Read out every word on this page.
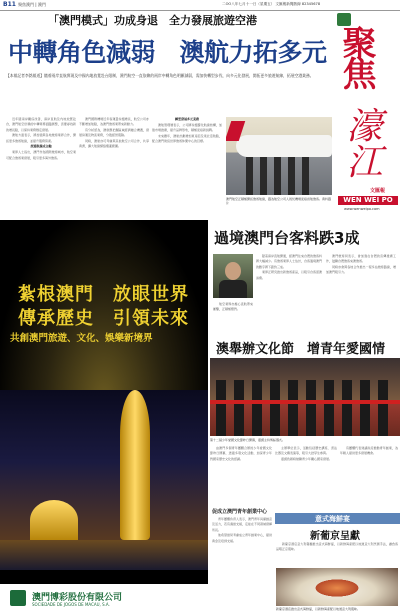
B11 聚焦澳門 | 澳門	二OO八年七月十一日（星期五） 文匯報新聞熱線 82345678
聚焦
濠江
文匯報
WEN WEI PO
www.wenweipo.com
「澳門模式」功成身退　全力發展旅遊空港
中轉角色減弱　澳航力拓多元
【本報記者李銘報道】隨着兩岸直航實現及中國內地放寬赴台限制，澳門航空一直依賴的兩岸中轉角色明顯減弱，需加快轉型步伐，向多元化發展，開拓更多旅遊航線，拓展空港業務。

近年隨兩岸關係改善，兩岸直航及內地放寬赴台，澳門航空依賴的中轉業務面臨調整，需要尋找新的增長點，以保持業務穩定發展。

澳航方面表示，將加強與各地旅遊業界合作，開拓更多旅遊航線，並提升服務質素。

旅遊航線成主軸

業界人士指出，澳門作為國際旅遊城市，航空業可配合旅遊業發展，吸引更多海外旅客。

澳門國際機場近年客運量持續增長，航空公司亦不斷增加航點，為澳門旅遊業帶來新動力。

有分析認為，澳航應把握區域經濟融合機遇，發展貨運及物流業務，分散經營風險。

同時，澳航亦可考慮與其他航空公司合作，共享資源，擴大航線網絡覆蓋範圍。

轉型發展多元業務

澳航管理層表示，公司將持續優化航線結構，加強市場推廣，提升品牌形象，積極迎接新挑戰。

未來數年，澳航計劃增加東南亞及東北亞航點，配合澳門建設世界旅遊休閒中心的目標。

澳門航空正積極開拓旅遊航線，圖為航空公司人員於機場迎接首航旅客。資料圖片
紮根澳門　放眼世界
傳承歷史　引領未來
共創澳門旅遊、文化、娛樂新境界
澳門博彩股份有限公司
SOCIEDADE DE JOGOS DE MACAU, S.A.
過境澳門台客料跌3成

隨着兩岸直航開通，經澳門往來台灣的旅客料將大幅減少。有旅遊業界人士估計，台客過境澳門的數字將下跌約三成。

業界正研究推出新旅遊產品，以吸引台客留澳消費。

澳門旅遊局表示，會加強在台灣的宣傳推廣工作，鼓勵台灣旅客來澳旅遊。

同時亦會與各地合作推出一程多站旅遊路線，增加澳門吸引力。

航空業界亦擔心直航帶來衝擊，正積極應對。

澳舉辦文化節　增青年愛國情
第十二屆少年愛國文化節昨日開幕，嘉賓主持剪綵儀式。

由澳門多個青年團體合辦的少年愛國文化節昨日開幕，透過多項文化活動，加深青少年對國家歷史文化的認識。

主辦單位表示，活動包括歷史講座、書法比賽及文藝表演等，吸引大批學生參與。

嘉賓致辭時勉勵青少年關心國家發展。

有團體代表建議政府推動青年創業，為年輕人提供更多發展機會。

促成立澳門青年創業中心

青年團體負責人表示，澳門青年具備創意及活力，若有適當支援，定能在不同領域發揮所長。

他希望當局考慮成立青年創業中心，提供資金及培訓支援。

意式海鮮宴
新葡京呈獻

新葡京酒店意大利餐廳推出意式海鮮宴，以新鮮海產配以地道意大利烹調手法，讓食客品嚐正宗風味。

新葡京酒店推出意式海鮮宴，以新鮮海產配以地道意大利風味。
